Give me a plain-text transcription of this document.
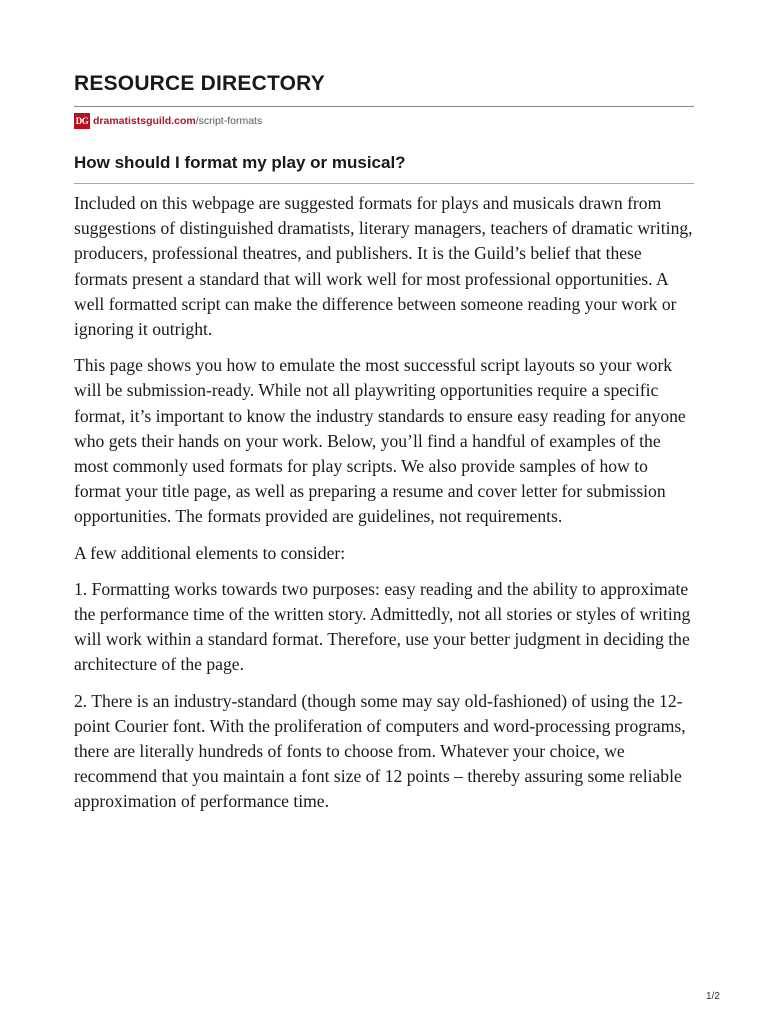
RESOURCE DIRECTORY
DG dramatistsguild.com /script-formats
How should I format my play or musical?

Included on this webpage are suggested formats for plays and musicals drawn from suggestions of distinguished dramatists, literary managers, teachers of dramatic writing, producers, professional theatres, and publishers. It is the Guild’s belief that these formats present a standard that will work well for most professional opportunities. A well formatted script can make the difference between someone reading your work or ignoring it outright.

This page shows you how to emulate the most successful script layouts so your work will be submission-ready. While not all playwriting opportunities require a specific format, it’s important to know the industry standards to ensure easy reading for anyone who gets their hands on your work. Below, you’ll find a handful of examples of the most commonly used formats for play scripts. We also provide samples of how to format your title page, as well as preparing a resume and cover letter for submission opportunities. The formats provided are guidelines, not requirements.

A few additional elements to consider:

1. Formatting works towards two purposes: easy reading and the ability to approximate the performance time of the written story. Admittedly, not all stories or styles of writing will work within a standard format. Therefore, use your better judgment in deciding the architecture of the page.

2. There is an industry-standard (though some may say old-fashioned) of using the 12-point Courier font. With the proliferation of computers and word-processing programs, there are literally hundreds of fonts to choose from. Whatever your choice, we recommend that you maintain a font size of 12 points – thereby assuring some reliable approximation of performance time.

1/2
